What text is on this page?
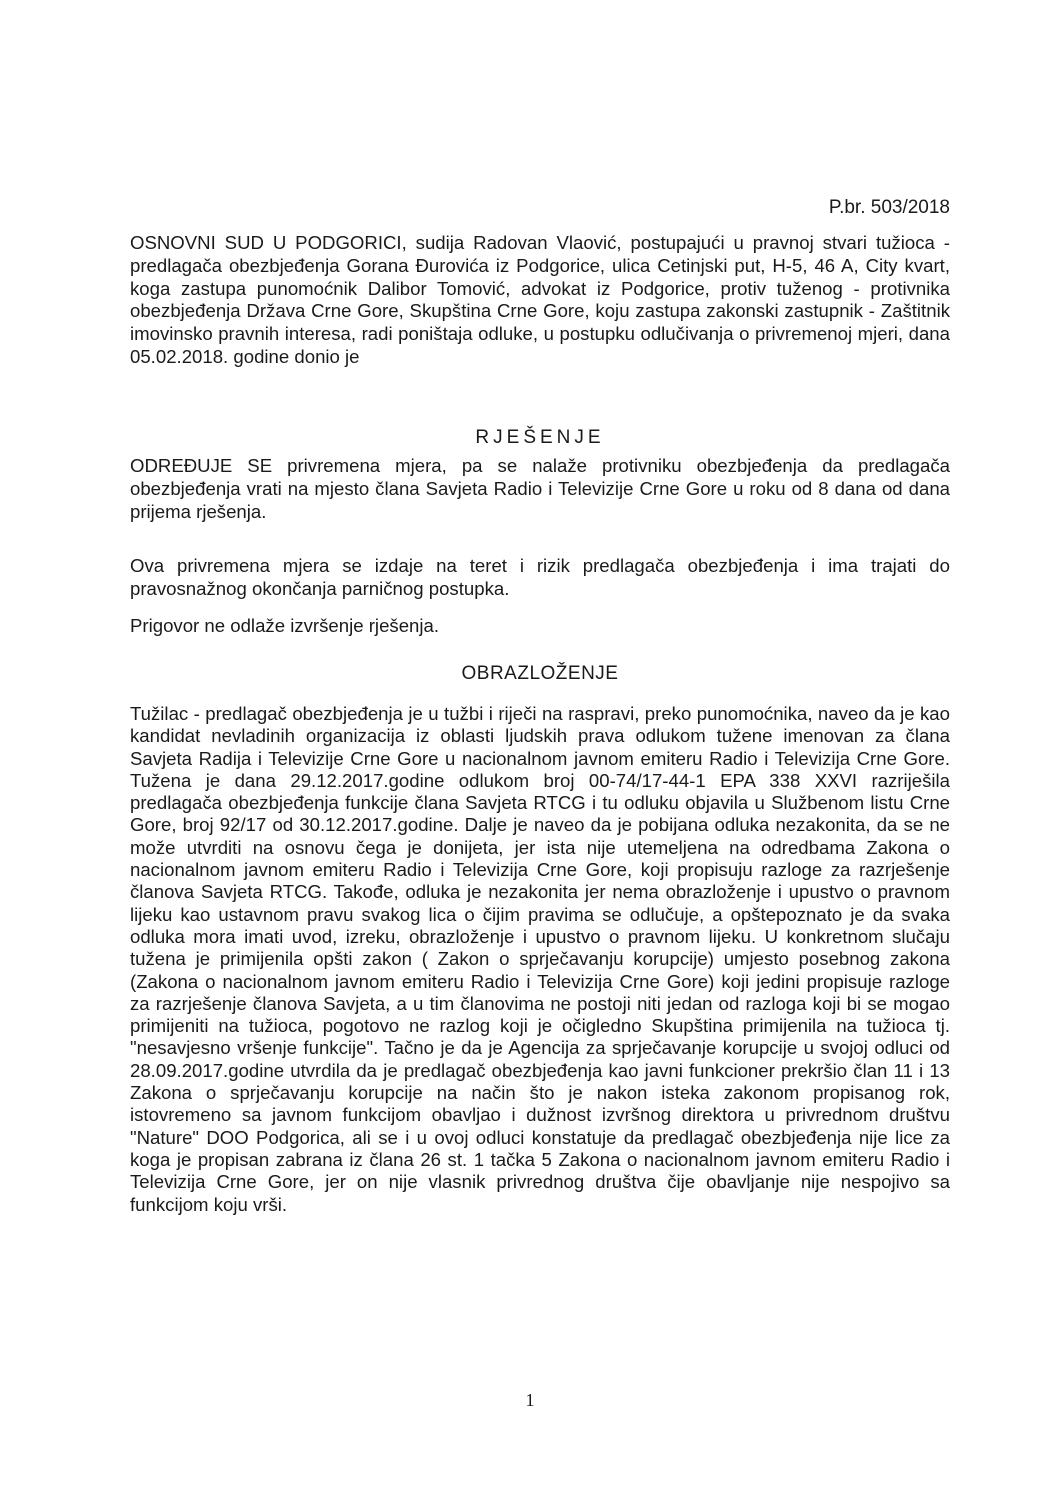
P.br. 503/2018

OSNOVNI SUD U PODGORICI, sudija Radovan Vlaović, postupajući u pravnoj stvari tužioca - predlagača obezbjeđenja Gorana Đurovića iz Podgorice, ulica Cetinjski put, H-5, 46 A, City kvart, koga zastupa punomoćnik Dalibor Tomović, advokat iz Podgorice, protiv tuženog - protivnika obezbjeđenja Država Crne Gore, Skupština Crne Gore, koju zastupa zakonski zastupnik - Zaštitnik imovinsko pravnih interesa, radi poništaja odluke, u postupku odlučivanja o privremenoj mjeri, dana 05.02.2018. godine donio je

RJEŠENJE

ODREĐUJE SE privremena mjera, pa se nalaže protivniku obezbjeđenja da predlagača obezbjeđenja vrati na mjesto člana Savjeta Radio i Televizije Crne Gore u roku od 8 dana od dana prijema rješenja.

Ova privremena mjera se izdaje na teret i rizik predlagača obezbjeđenja i ima trajati do pravosnažnog okončanja parničnog postupka.

Prigovor ne odlaže izvršenje rješenja.

OBRAZLOŽENJE

Tužilac - predlagač obezbjeđenja je u tužbi i riječi na raspravi, preko punomoćnika, naveo da je kao kandidat nevladinih organizacija iz oblasti ljudskih prava odlukom tužene imenovan za člana Savjeta Radija i Televizije Crne Gore u nacionalnom javnom emiteru Radio i Televizija Crne Gore. Tužena je dana 29.12.2017.godine odlukom broj 00-74/17-44-1 EPA 338 XXVI razriješila predlagača obezbjeđenja funkcije člana Savjeta RTCG i tu odluku objavila u Službenom listu Crne Gore, broj 92/17 od 30.12.2017.godine. Dalje je naveo da je pobijana odluka nezakonita, da se ne može utvrditi na osnovu čega je donijeta, jer ista nije utemeljena na odredbama Zakona o nacionalnom javnom emiteru Radio i Televizija Crne Gore, koji propisuju razloge za razrješenje članova Savjeta RTCG. Takođe, odluka je nezakonita jer nema obrazloženje i upustvo o pravnom lijeku kao ustavnom pravu svakog lica o čijim pravima se odlučuje, a opštepoznato je da svaka odluka mora imati uvod, izreku, obrazloženje i upustvo o pravnom lijeku. U konkretnom slučaju tužena je primijenila opšti zakon ( Zakon o sprječavanju korupcije) umjesto posebnog zakona (Zakona o nacionalnom javnom emiteru Radio i Televizija Crne Gore) koji jedini propisuje razloge za razrješenje članova Savjeta, a u tim članovima ne postoji niti jedan od razloga koji bi se mogao primijeniti na tužioca, pogotovo ne razlog koji je očigledno Skupština primijenila na tužioca tj. "nesavjesno vršenje funkcije". Tačno je da je Agencija za sprječavanje korupcije u svojoj odluci od 28.09.2017.godine utvrdila da je predlagač obezbjeđenja kao javni funkcioner prekršio član 11 i 13 Zakona o sprječavanju korupcije na način što je nakon isteka zakonom propisanog rok, istovremeno sa javnom funkcijom obavljao i dužnost izvršnog direktora u privrednom društvu "Nature" DOO Podgorica, ali se i u ovoj odluci konstatuje da predlagač obezbjeđenja nije lice za koga je propisan zabrana iz člana 26 st. 1 tačka 5 Zakona o nacionalnom javnom emiteru Radio i Televizija Crne Gore, jer on nije vlasnik privrednog društva čije obavljanje nije nespojivo sa funkcijom koju vrši.

1
